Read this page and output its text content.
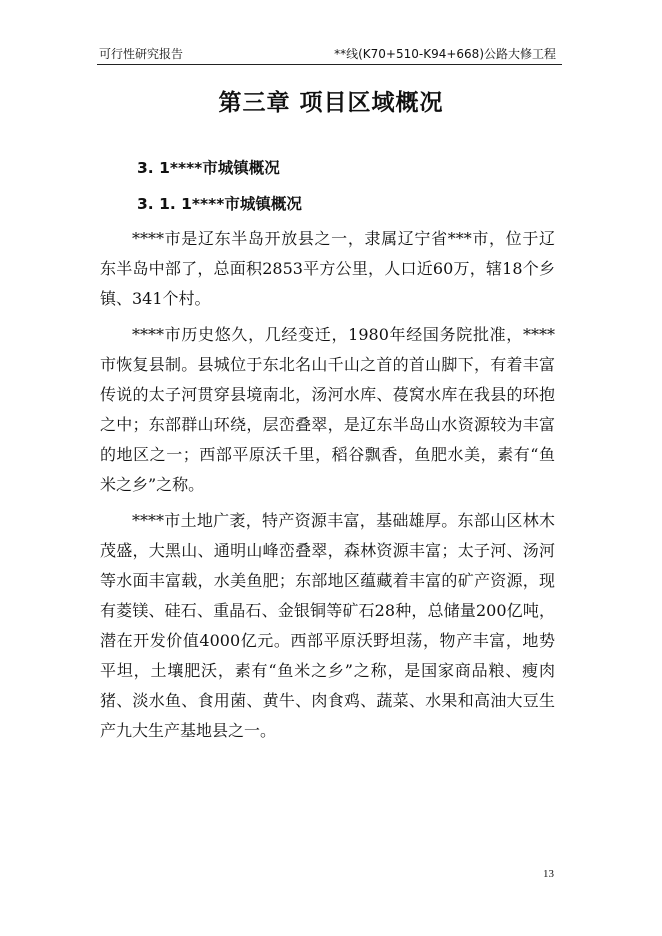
可行性研究报告	**线(K70+510-K94+668)公路大修工程
第三章 项目区域概况
3. 1****市城镇概况
3. 1. 1****市城镇概况

****市是辽东半岛开放县之一，隶属辽宁省***市，位于辽东半岛中部了，总面积2853平方公里，人口近60万，辖18个乡镇、341个村。

****市历史悠久，几经变迁，1980年经国务院批准，****市恢复县制。县城位于东北名山千山之首的首山脚下，有着丰富传说的太子河贯穿县境南北，汤河水库、葠窝水库在我县的环抱之中；东部群山环绕，层峦叠翠，是辽东半岛山水资源较为丰富的地区之一；西部平原沃千里，稻谷飘香，鱼肥水美，素有“鱼米之乡”之称。

****市土地广袤，特产资源丰富，基础雄厚。东部山区林木茂盛，大黑山、通明山峰峦叠翠，森林资源丰富；太子河、汤河等水面丰富载，水美鱼肥；东部地区蕴藏着丰富的矿产资源，现有菱镁、硅石、重晶石、金银铜等矿石28种，总储量200亿吨，潜在开发价值4000亿元。西部平原沃野坦荡，物产丰富，地势平坦，土壤肥沃，素有“鱼米之乡”之称，是国家商品粮、瘦肉猪、淡水鱼、食用菌、黄牛、肉食鸡、蔬菜、水果和高油大豆生产九大生产基地县之一。

13
